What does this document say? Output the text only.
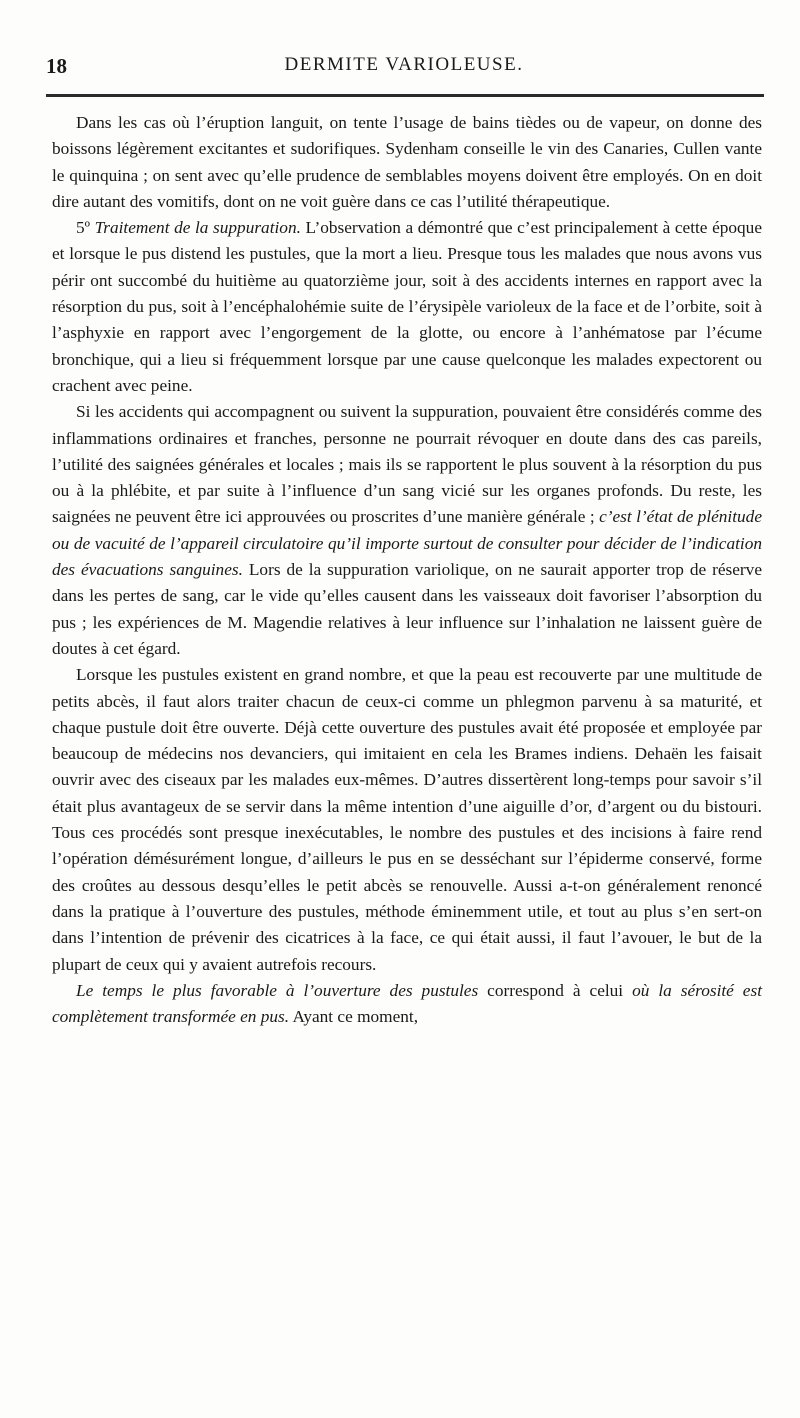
18	DERMITE VARIOLEUSE.

Dans les cas où l’éruption languit, on tente l’usage de bains tièdes ou de vapeur, on donne des boissons légèrement excitantes et sudorifiques. Sydenham conseille le vin des Canaries, Cullen vante le quinquina ; on sent avec qu’elle prudence de semblables moyens doivent être employés. On en doit dire autant des vomitifs, dont on ne voit guère dans ce cas l’utilité thérapeutique.

5º Traitement de la suppuration. L’observation a démontré que c’est principalement à cette époque et lorsque le pus distend les pustules, que la mort a lieu. Presque tous les malades que nous avons vus périr ont succombé du huitième au quatorzième jour, soit à des accidents internes en rapport avec la résorption du pus, soit à l’encéphalohémie suite de l’érysipèle varioleux de la face et de l’orbite, soit à l’asphyxie en rapport avec l’engorgement de la glotte, ou encore à l’anhématose par l’écume bronchique, qui a lieu si fréquemment lorsque par une cause quelconque les malades expectorent ou crachent avec peine.

Si les accidents qui accompagnent ou suivent la suppuration, pouvaient être considérés comme des inflammations ordinaires et franches, personne ne pourrait révoquer en doute dans des cas pareils, l’utilité des saignées générales et locales ; mais ils se rapportent le plus souvent à la résorption du pus ou à la phlébite, et par suite à l’influence d’un sang vicié sur les organes profonds. Du reste, les saignées ne peuvent être ici approuvées ou proscrites d’une manière générale ; c’est l’état de plénitude ou de vacuité de l’appareil circulatoire qu’il importe surtout de consulter pour décider de l’indication des évacuations sanguines. Lors de la suppuration variolique, on ne saurait apporter trop de réserve dans les pertes de sang, car le vide qu’elles causent dans les vaisseaux doit favoriser l’absorption du pus ; les expériences de M. Magendie relatives à leur influence sur l’inhalation ne laissent guère de doutes à cet égard.

Lorsque les pustules existent en grand nombre, et que la peau est recouverte par une multitude de petits abcès, il faut alors traiter chacun de ceux-ci comme un phlegmon parvenu à sa maturité, et chaque pustule doit être ouverte. Déjà cette ouverture des pustules avait été proposée et employée par beaucoup de médecins nos devanciers, qui imitaient en cela les Brames indiens. Dehaën les faisait ouvrir avec des ciseaux par les malades eux-mêmes. D’autres dissertèrent long-temps pour savoir s’il était plus avantageux de se servir dans la même intention d’une aiguille d’or, d’argent ou du bistouri. Tous ces procédés sont presque inexécutables, le nombre des pustules et des incisions à faire rend l’opération démésurément longue, d’ailleurs le pus en se desséchant sur l’épiderme conservé, forme des croûtes au dessous desqu’elles le petit abcès se renouvelle. Aussi a-t-on généralement renoncé dans la pratique à l’ouverture des pustules, méthode éminemment utile, et tout au plus s’en sert-on dans l’intention de prévenir des cicatrices à la face, ce qui était aussi, il faut l’avouer, le but de la plupart de ceux qui y avaient autrefois recours.

Le temps le plus favorable à l’ouverture des pustules correspond à celui où la sérosité est complètement transformée en pus. Ayant ce moment,
